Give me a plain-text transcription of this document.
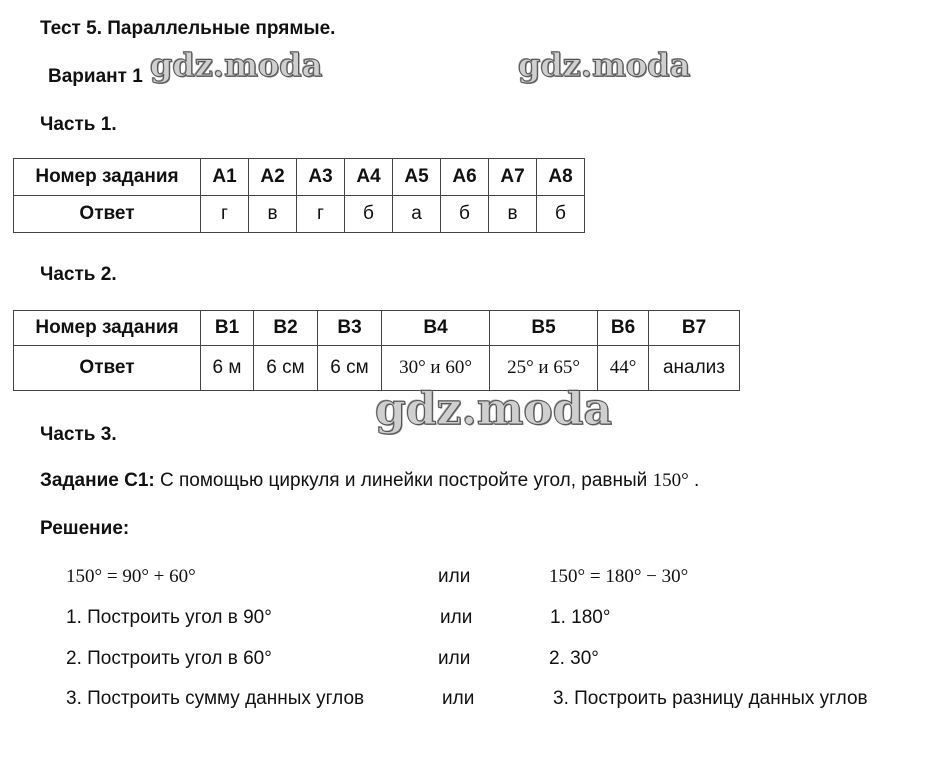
Тест 5. Параллельные прямые.
Вариант 1 gdz.moda	gdz.moda
Часть 1.
Номер задания	А1	А2	А3	А4	А5	А6	А7	А8
Ответ	г	в	г	б	а	б	в	б
Часть 2.
Номер задания	В1	В2	В3	В4	В5	В6	В7
Ответ	6 м	6 см	6 см	30° и 60°	25° и 65°	44°	анализ
gdz.moda
Часть 3.
Задание С1: С помощью циркуля и линейки постройте угол, равный 150° .
Решение:
150° = 90° + 60°	или	150° = 180° − 30°
1. Построить угол в 90°	или	1. 180°
2. Построить угол в 60°	или	2. 30°
3. Построить сумму данных углов	или	3. Построить разницу данных углов
